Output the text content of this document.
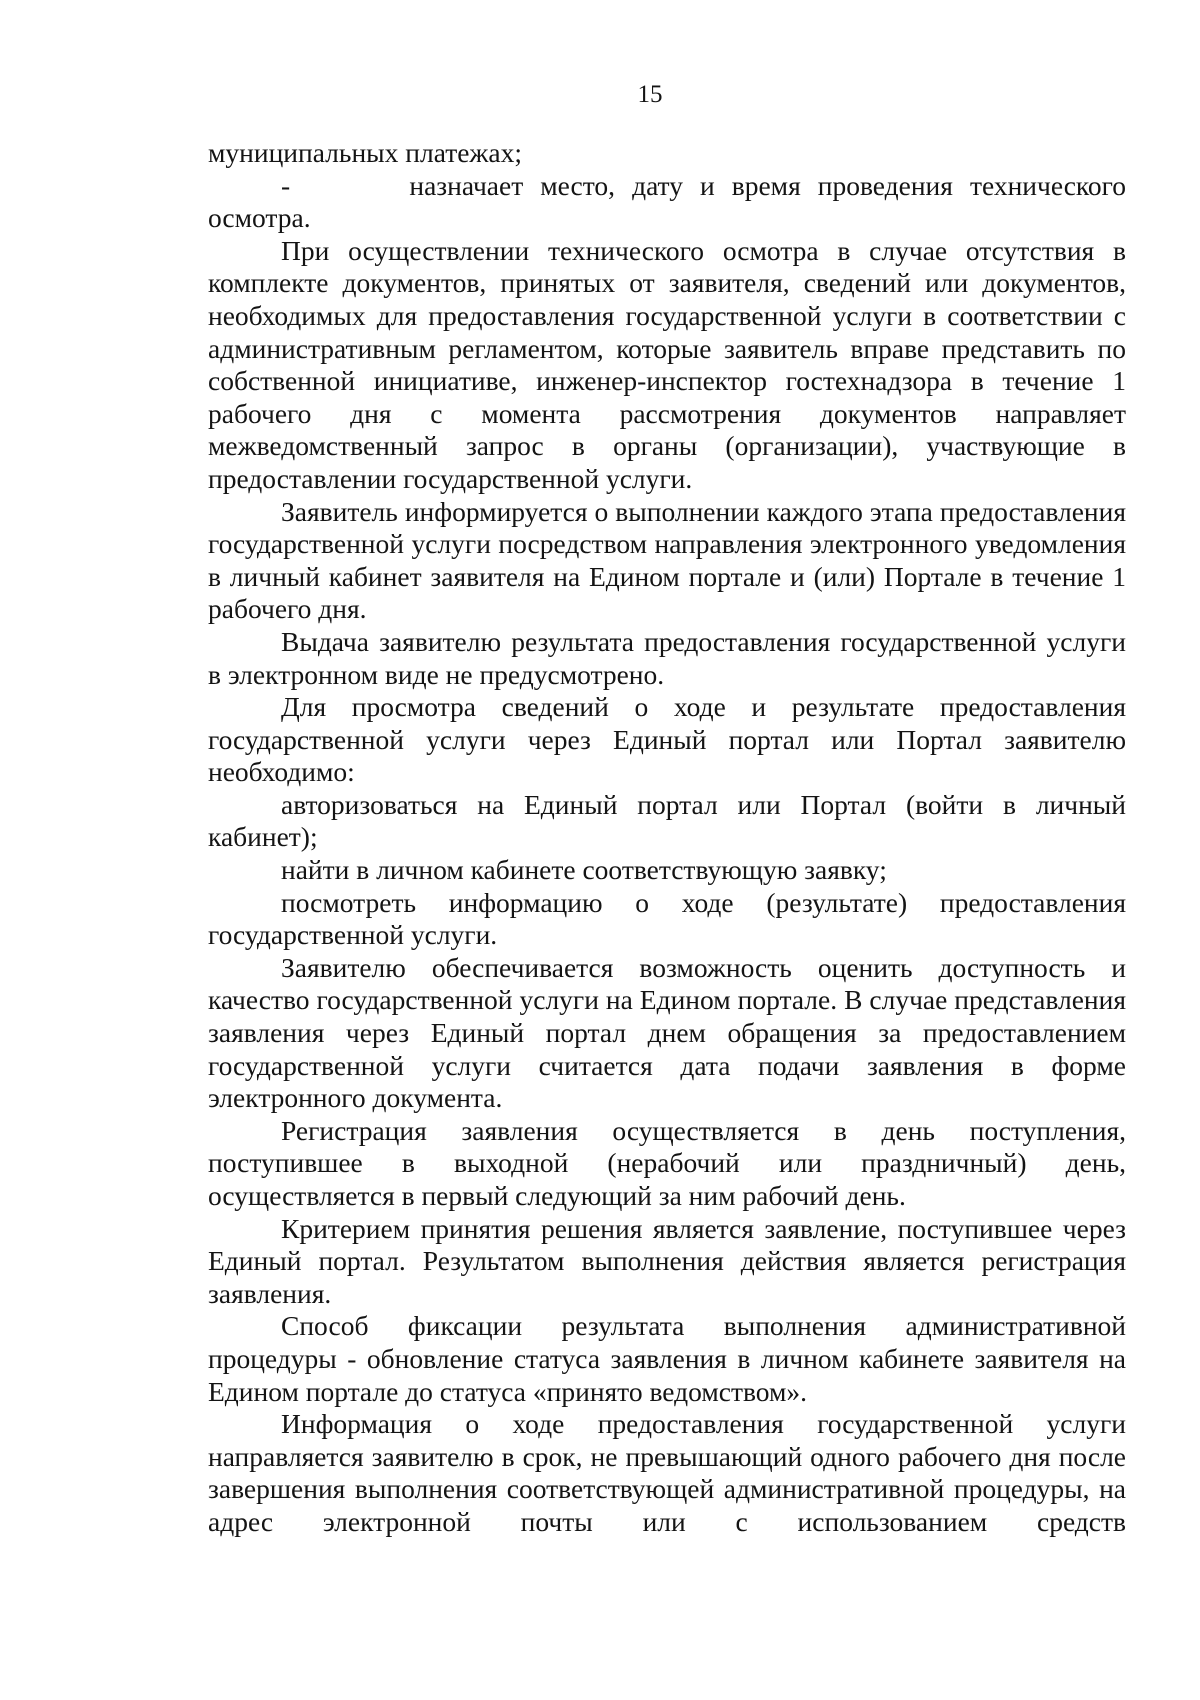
15

муниципальных платежах;

-       назначает место, дату и время проведения технического осмотра.

При осуществлении технического осмотра в случае отсутствия в комплекте документов, принятых от заявителя, сведений или документов, необходимых для предоставления государственной услуги в соответствии с административным регламентом, которые заявитель вправе представить по собственной инициативе, инженер-инспектор гостехнадзора в течение 1 рабочего дня с момента рассмотрения документов направляет межведомственный запрос в органы (организации), участвующие в предоставлении государственной услуги.

Заявитель информируется о выполнении каждого этапа предоставления государственной услуги посредством направления электронного уведомления в личный кабинет заявителя на Едином портале и (или) Портале в течение 1 рабочего дня.

Выдача заявителю результата предоставления государственной услуги в электронном виде не предусмотрено.

Для просмотра сведений о ходе и результате предоставления государственной услуги через Единый портал или Портал заявителю необходимо:

авторизоваться на Единый портал или Портал (войти в личный кабинет);

найти в личном кабинете соответствующую заявку;

посмотреть информацию о ходе (результате) предоставления государственной услуги.

Заявителю обеспечивается возможность оценить доступность и качество государственной услуги на Едином портале. В случае представления заявления через Единый портал днем обращения за предоставлением государственной услуги считается дата подачи заявления в форме электронного документа.

Регистрация заявления осуществляется в день поступления, поступившее в выходной (нерабочий или праздничный) день, осуществляется в первый следующий за ним рабочий день.

Критерием принятия решения является заявление, поступившее через Единый портал. Результатом выполнения действия является регистрация заявления.

Способ фиксации результата выполнения административной процедуры - обновление статуса заявления в личном кабинете заявителя на Едином портале до статуса «принято ведомством».

Информация о ходе предоставления государственной услуги направляется заявителю в срок, не превышающий одного рабочего дня после завершения выполнения соответствующей административной процедуры, на адрес электронной почты или с использованием средств
